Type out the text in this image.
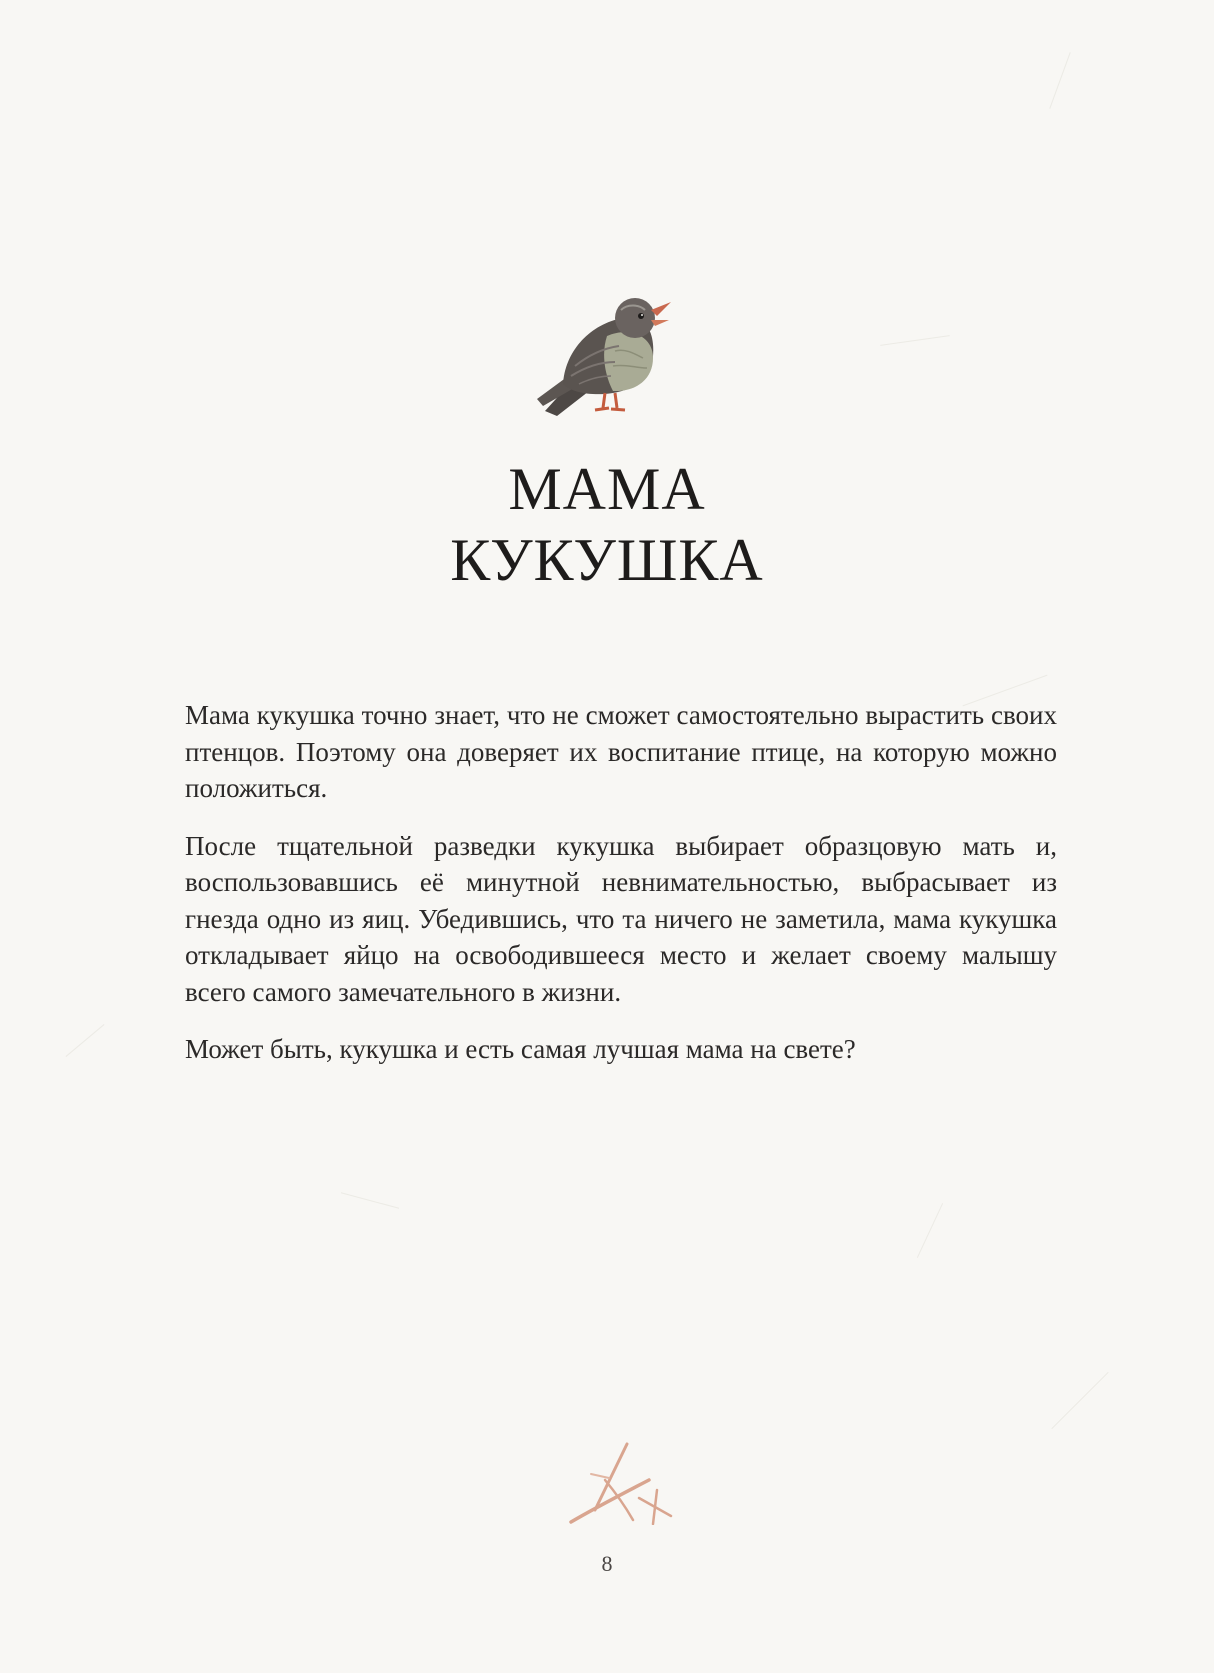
МАМА
КУКУШКА

Мама кукушка точно знает, что не сможет самостоятельно вырастить своих птенцов. Поэтому она доверяет их воспитание птице, на которую можно положиться.

После тщательной разведки кукушка выбирает образцовую мать и, воспользовавшись её минутной невнимательностью, выбрасывает из гнезда одно из яиц. Убедившись, что та ничего не заметила, мама кукушка откладывает яйцо на освободившееся место и желает своему малышу всего самого замечательного в жизни.

Может быть, кукушка и есть самая лучшая мама на свете?

8
